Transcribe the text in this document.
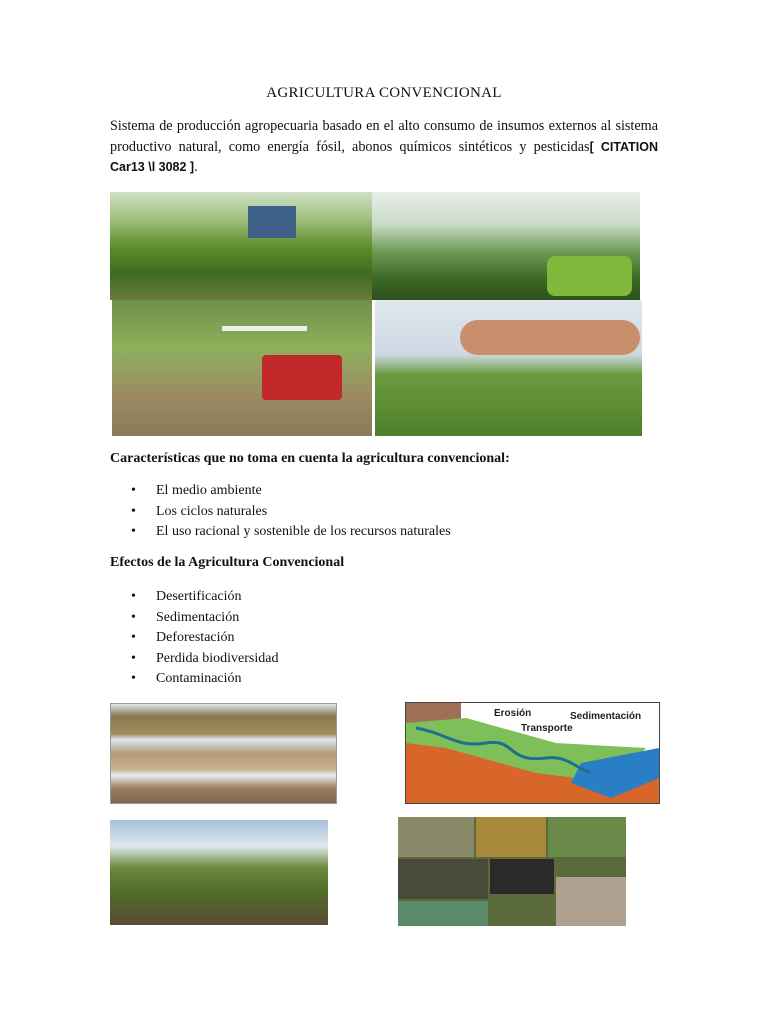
AGRICULTURA CONVENCIONAL
Sistema de producción agropecuaria basado en el alto consumo de insumos externos al sistema productivo natural, como energía fósil, abonos químicos sintéticos y pesticidas[ CITATION Car13 \l 3082 ].
Características que no toma en cuenta la agricultura convencional:
• El medio ambiente
• Los ciclos naturales
• El uso racional y sostenible de los recursos naturales
Efectos de la Agricultura Convencional
• Desertificación
• Sedimentación
• Deforestación
• Perdida biodiversidad
• Contaminación
Erosión
Transporte
Sedimentación
